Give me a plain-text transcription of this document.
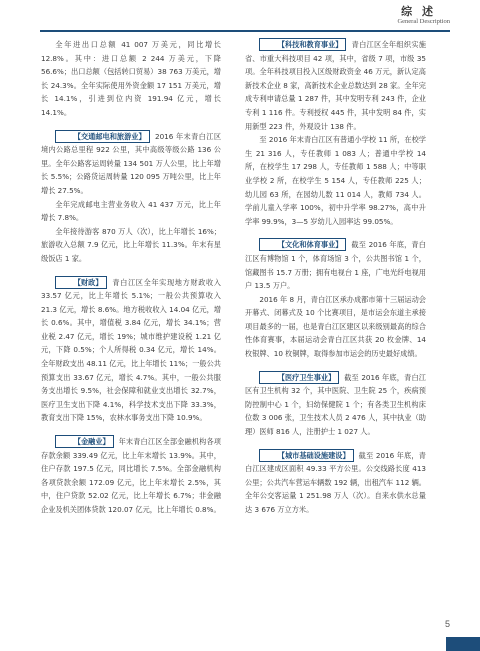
综 述
General Description

全年进出口总额 41 007 万美元，同比增长 12.8%。其中：进口总额 2 244 万美元，下降 56.6%；出口总额（包括转口贸易）38 763 万美元，增长 24.3%。全年实际使用外资金额 17 151 万美元，增长 14.1%，引进到位内资 191.94 亿元，增长 14.1%。

【交通邮电和旅游业】 2016 年末青白江区境内公路总里程 922 公里，其中高级等级公路 136 公里。全年公路客运周转量 134 501 万人公里，比上年增长 5.5%；公路货运周转量 120 095 万吨公里，比上年增长 27.5%。

全年完成邮电主营业务收入 41 437 万元，比上年增长 7.8%。

全年接待游客 870 万人（次），比上年增长 16%；旅游收入总额 7.9 亿元，比上年增长 11.3%。年末有星级饭店 1 家。

【财政】 青白江区全年实现地方财政收入 33.57 亿元，比上年增长 5.1%；一般公共预算收入 21.3 亿元，增长 8.6%。地方税收收入 14.04 亿元，增长 0.6%。其中，增值税 3.84 亿元，增长 34.1%；营业税 2.47 亿元，增长 19%；城市维护建设税 1.21 亿元，下降 0.5%；个人所得税 0.34 亿元，增长 14%。全年财政支出 48.11 亿元，比上年增长 11%；一般公共预算支出 33.67 亿元，增长 4.7%。其中，一般公共服务支出增长 9.5%，社会保障和就业支出增长 32.7%，医疗卫生支出下降 4.1%，科学技术支出下降 33.3%，教育支出下降 15%，农林水事务支出下降 10.9%。

【金融业】 年末青白江区全部金融机构各项存款余额 339.49 亿元，比上年末增长 13.9%。其中，住户存款 197.5 亿元，同比增长 7.5%。全部金融机构各项贷款余额 172.09 亿元，比上年末增长 2.5%，其中，住户贷款 52.02 亿元，比上年增长 6.7%；非金融企业及机关团体贷款 120.07 亿元，比上年增长 0.8%。

【科技和教育事业】 青白江区全年组织实施省、市重大科技项目 42 项，其中，省级 7 项，市级 35 项。全年科技项目投入区级财政资金 46 万元，新认定高新技术企业 8 家，高新技术企业总数达到 28 家。全年完成专利申请总量 1 287 件，其中发明专利 243 件，企业专利 1 116 件。专利授权 445 件，其中发明 84 件，实用新型 223 件，外观设计 138 件。

至 2016 年末青白江区有普通小学校 11 所，在校学生 21 316 人，专任教师 1 083 人；普通中学校 14 所，在校学生 17 298 人，专任教师 1 588 人；中等职业学校 2 所，在校学生 5 154 人，专任教师 225 人；幼儿园 63 所，在园幼儿数 11 014 人，教师 734 人。学前儿童入学率 100%，初中升学率 98.27%，高中升学率 99.9%，3—5 岁幼儿入园率达 99.05%。

【文化和体育事业】 截至 2016 年底，青白江区有博物馆 1 个，体育场馆 3 个，公共图书馆 1 个，馆藏图书 15.7 万册；拥有电视台 1 座，广电光纤电视用户 13.5 万户。

2016 年 8 月，青白江区承办成都市第十三届运动会开幕式、闭幕式及 10 个比赛项目，是市运会东道主承接项目最多的一届，也是青白江区建区以来级别最高的综合性体育赛事，本届运动会青白江区共获 20 枚金牌、14 枚银牌、10 枚铜牌，取得参加市运会的历史最好成绩。

【医疗卫生事业】 截至 2016 年底，青白江区有卫生机构 32 个，其中医院、卫生院 25 个，疾病预防控制中心 1 个，妇幼保健院 1 个；有各类卫生机构床位数 3 006 张，卫生技术人员 2 476 人，其中执业（助理）医师 816 人，注册护士 1 027 人。

【城市基础设施建设】 截至 2016 年底，青白江区建成区面积 49.33 平方公里。公交线路长度 413 公里；公共汽车营运车辆数 192 辆，出租汽车 112 辆。全年公交客运量 1 251.98 万人（次）。自来水供水总量达 3 676 万立方米。

5
